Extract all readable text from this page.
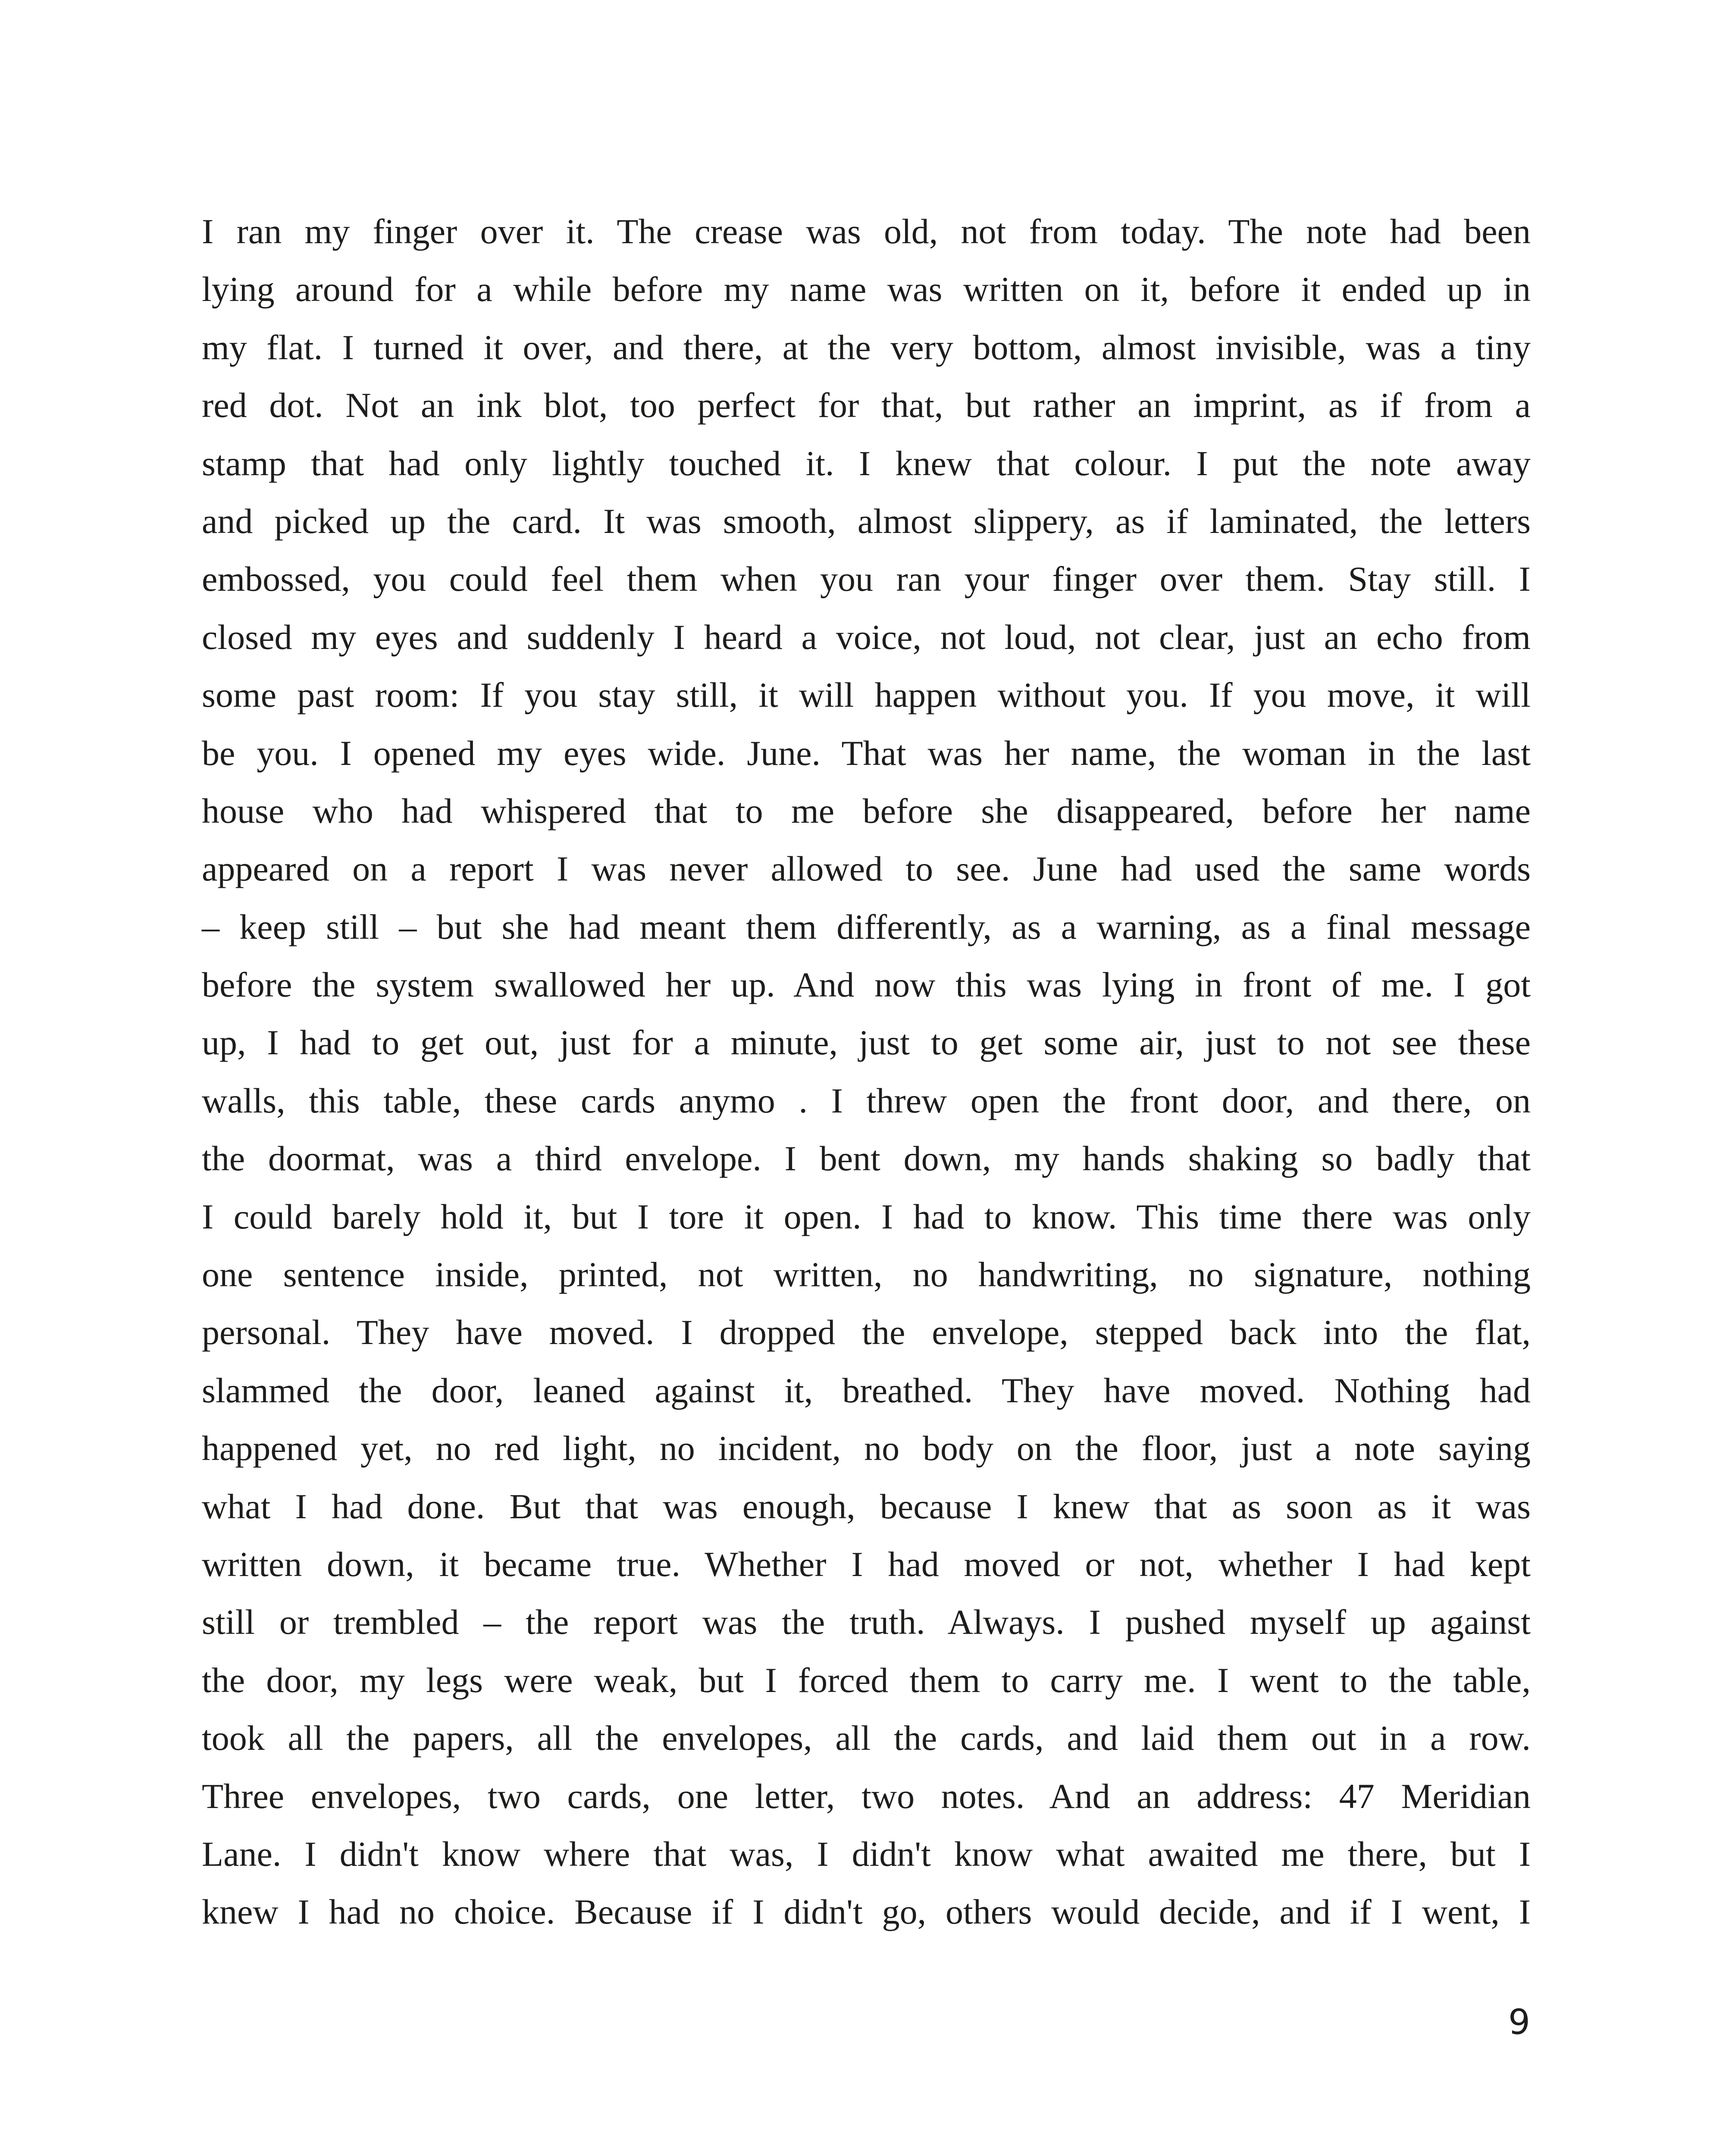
I ran my finger over it. The crease was old, not from today. The note had been
lying around for a while before my name was written on it, before it ended up in
my flat. I turned it over, and there, at the very bottom, almost invisible, was a tiny
red dot. Not an ink blot, too perfect for that, but rather an imprint, as if from a
stamp that had only lightly touched it. I knew that colour. I put the note away
and picked up the card. It was smooth, almost slippery, as if laminated, the letters
embossed, you could feel them when you ran your finger over them. Stay still. I
closed my eyes and suddenly I heard a voice, not loud, not clear, just an echo from
some past room: If you stay still, it will happen without you. If you move, it will
be you. I opened my eyes wide. June. That was her name, the woman in the last
house who had whispered that to me before she disappeared, before her name
appeared on a report I was never allowed to see. June had used the same words
– keep still – but she had meant them differently, as a warning, as a final message
before the system swallowed her up. And now this was lying in front of me. I got
up, I had to get out, just for a minute, just to get some air, just to not see these
walls, this table, these cards anymo . I threw open the front door, and there, on
the doormat, was a third envelope. I bent down, my hands shaking so badly that
I could barely hold it, but I tore it open. I had to know. This time there was only
one sentence inside, printed, not written, no handwriting, no signature, nothing
personal. They have moved. I dropped the envelope, stepped back into the flat,
slammed the door, leaned against it, breathed. They have moved. Nothing had
happened yet, no red light, no incident, no body on the floor, just a note saying
what I had done. But that was enough, because I knew that as soon as it was
written down, it became true. Whether I had moved or not, whether I had kept
still or trembled – the report was the truth. Always. I pushed myself up against
the door, my legs were weak, but I forced them to carry me. I went to the table,
took all the papers, all the envelopes, all the cards, and laid them out in a row.
Three envelopes, two cards, one letter, two notes. And an address: 47 Meridian
Lane. I didn't know where that was, I didn't know what awaited me there, but I
knew I had no choice. Because if I didn't go, others would decide, and if I went, I
9
